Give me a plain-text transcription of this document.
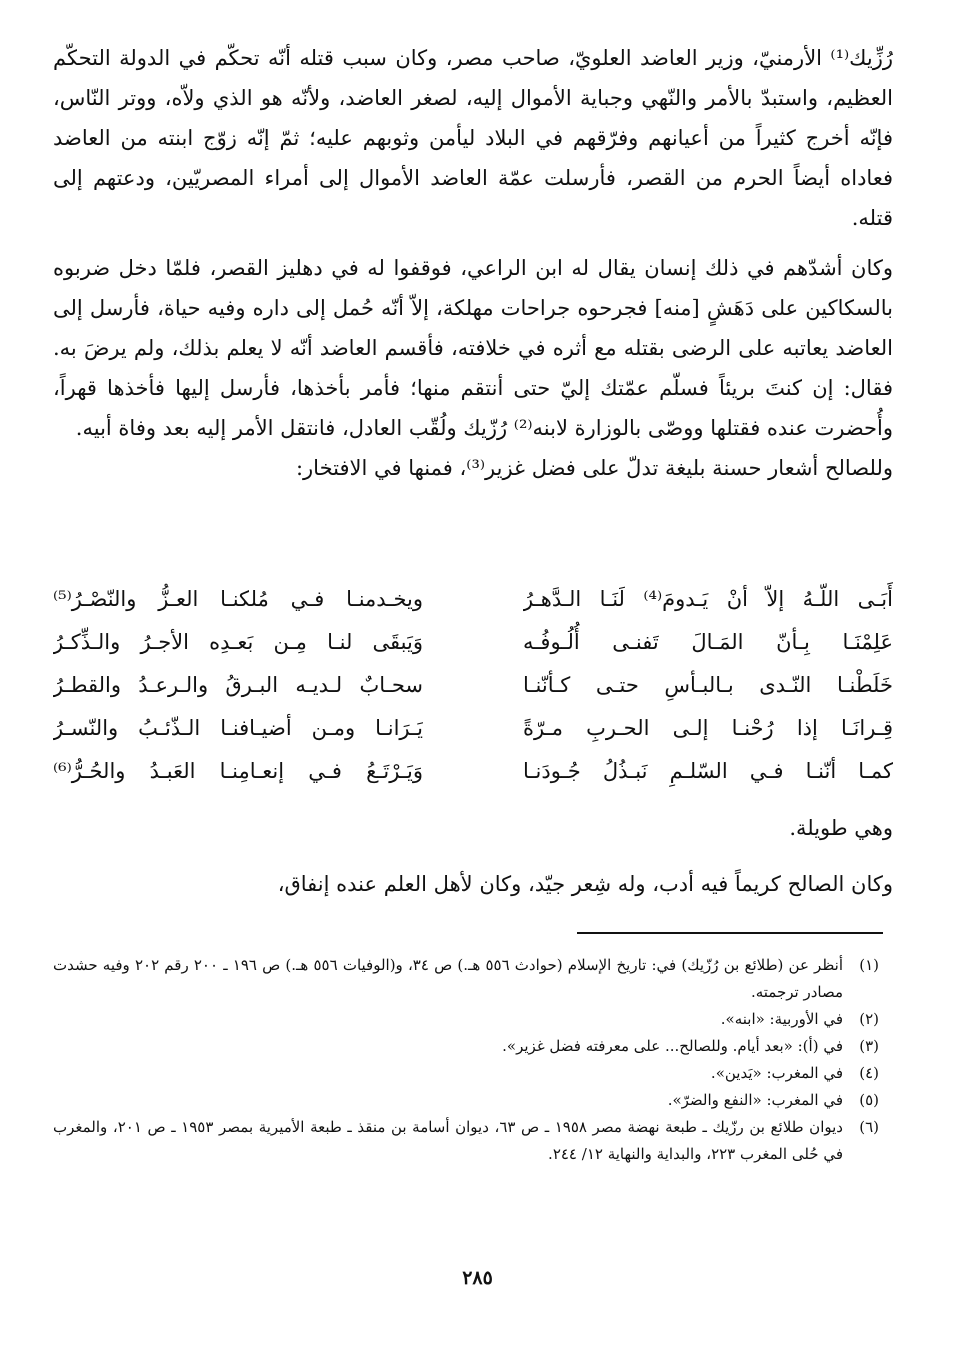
رُزِّيك⁽¹⁾ الأرمنيّ، وزير العاضد العلويّ، صاحب مصر، وكان سبب قتله أنّه تحكّم في الدولة التحكّم العظيم، واستبدّ بالأمر والنّهي وجباية الأموال إليه، لصغر العاضد، ولأنّه هو الذي ولاّه، ووتر النّاس، فإنّه أخرج كثيراً من أعيانهم وفرّقهم في البلاد ليأمن وثوبهم عليه؛ ثمّ إنّه زوّج ابنته من العاضد فعاداه أيضاً الحرم من القصر، فأرسلت عمّة العاضد الأموال إلى أمراء المصريّين، ودعتهم إلى قتله.

وكان أشدّهم في ذلك إنسان يقال له ابن الراعي، فوقفوا له في دهليز القصر، فلمّا دخل ضربوه بالسكاكين على دَهَشٍ [منه] فجرحوه جراحات مهلكة، إلاّ أنّه حُمل إلى داره وفيه حياة، فأرسل إلى العاضد يعاتبه على الرضى بقتله مع أثره في خلافته، فأقسم العاضد أنّه لا يعلم بذلك، ولم يرضَ به. فقال: إن كنتَ بريئاً فسلّم عمّتك إليّ حتى أنتقم منها؛ فأمر بأخذها، فأرسل إليها فأخذها قهراً، وأُحضرت عنده فقتلها ووصّى بالوزارة لابنه⁽²⁾ رُزّيك ولُقّب العادل، فانتقل الأمر إليه بعد وفاة أبيه.

وللصالح أشعار حسنة بليغة تدلّ على فضل غزير⁽³⁾، فمنها في الافتخار:

أَبَـى اللّـهُ إلاّ أنْ يَـدومَ⁽⁴⁾ لَنَـا الـدَّهـرُ
ويخـدمنـا فـي مُلكنـا العـزُّ والنّصْـرُ⁽⁵⁾
عَلِمْنَـا بِـأنّ المَـالَ تَفنـى أُلُـوفُـه
وَيَبقَى لنـا مِـن بَعـدِه الأجـرُ والـذِّكـرُ
خَلَطْنـا النّـدى بـالبـأسِ حتـى كـأنّنـا
سحـابٌ لـديـه البـرقُ والـرعـدُ والقطـرُ
قِـرانَـا إذا رُحْنـا إلـى الحـربِ مـرّةً
يَـرَانـا ومـن أضيـافنـا الـذّئـبُ والنّسـرُ
كمـا أنّنـا فـي السّلـمِ نَبـذُلُ جُـودَنـا
وَيَـرْتَـعُ فـي إنعـامِنـا العَبـدُ والحُـرُّ⁽⁶⁾

وهي طويلة.

وكان الصالح كريماً فيه أدب، وله شِعر جيّد، وكان لأهل العلم عنده إنفاق،

(١)
أنظر عن (طلائع بن رُزّيك) في: تاريخ الإسلام (حوادث ٥٥٦ هـ.) ص ٣٤، و(الوفيات ٥٥٦ هـ.) ص ١٩٦ ـ ٢٠٠ رقم ٢٠٢ وفيه حشدت مصادر ترجمته.
(٢)
في الأوربية: «ابنه».
(٣)
في (أ): «بعد أيام. وللصالح... على معرفته فضل غزير».
(٤)
في المغرب: «يَدين».
(٥)
في المغرب: «النفع والضرّ».
(٦)
ديوان طلائع بن رزّيك ـ طبعة نهضة مصر ١٩٥٨ ـ ص ٦٣، ديوان أسامة بن منقذ ـ طبعة الأميرية بمصر ١٩٥٣ ـ ص ٢٠١، والمغرب في حُلى المغرب ٢٢٣، والبداية والنهاية ١٢/ ٢٤٤.
٢٨٥
